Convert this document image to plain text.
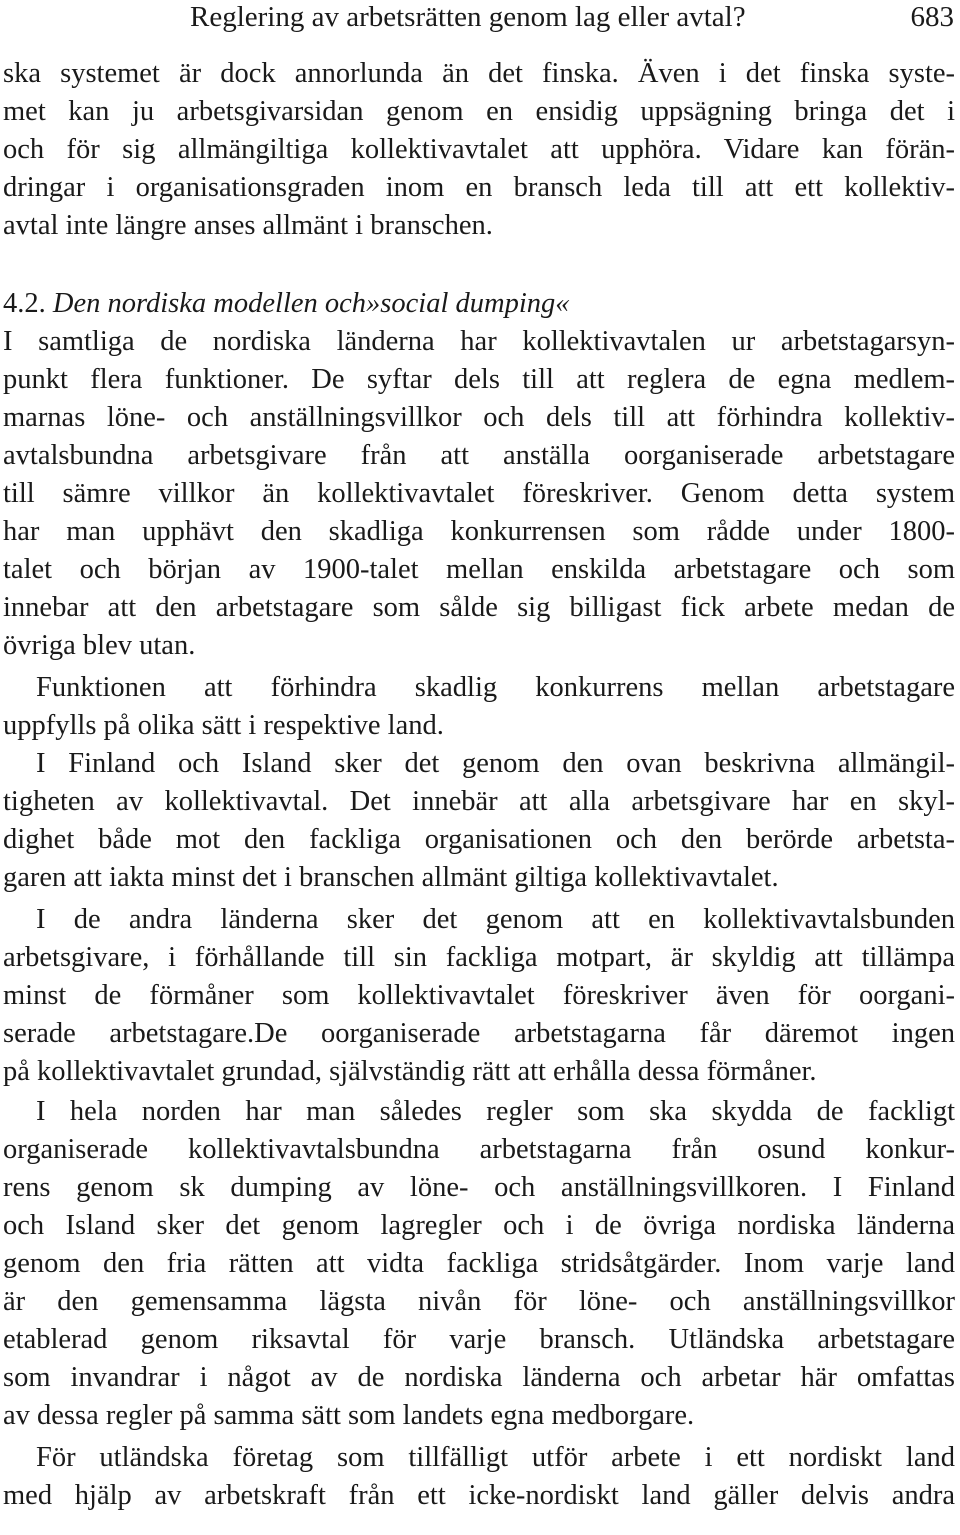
Reglering av arbetsrätten genom lag eller avtal?	683
ska systemet är dock annorlunda än det finska. Även i det finska syste-
met kan ju arbetsgivarsidan genom en ensidig uppsägning bringa det i
och för sig allmängiltiga kollektivavtalet att upphöra. Vidare kan förän-
dringar i organisationsgraden inom en bransch leda till att ett kollektiv-
avtal inte längre anses allmänt i branschen.
4.2. Den nordiska modellen och»social dumping«
I samtliga de nordiska länderna har kollektivavtalen ur arbetstagarsyn-
punkt flera funktioner. De syftar dels till att reglera de egna medlem-
marnas löne- och anställningsvillkor och dels till att förhindra kollektiv-
avtalsbundna arbetsgivare från att anställa oorganiserade arbetstagare
till sämre villkor än kollektivavtalet föreskriver. Genom detta system
har man upphävt den skadliga konkurrensen som rådde under 1800-
talet och början av 1900-talet mellan enskilda arbetstagare och som
innebar att den arbetstagare som sålde sig billigast fick arbete medan de
övriga blev utan.
Funktionen att förhindra skadlig konkurrens mellan arbetstagare
uppfylls på olika sätt i respektive land.
I Finland och Island sker det genom den ovan beskrivna allmängil-
tigheten av kollektivavtal. Det innebär att alla arbetsgivare har en skyl-
dighet både mot den fackliga organisationen och den berörde arbetsta-
garen att iakta minst det i branschen allmänt giltiga kollektivavtalet.
I de andra länderna sker det genom att en kollektivavtalsbunden
arbetsgivare, i förhållande till sin fackliga motpart, är skyldig att tillämpa
minst de förmåner som kollektivavtalet föreskriver även för oorgani-
serade arbetstagare.De oorganiserade arbetstagarna får däremot ingen
på kollektivavtalet grundad, självständig rätt att erhålla dessa förmåner.
I hela norden har man således regler som ska skydda de fackligt
organiserade kollektivavtalsbundna arbetstagarna från osund konkur-
rens genom sk dumping av löne- och anställningsvillkoren. I Finland
och Island sker det genom lagregler och i de övriga nordiska länderna
genom den fria rätten att vidta fackliga stridsåtgärder. Inom varje land
är den gemensamma lägsta nivån för löne- och anställningsvillkor
etablerad genom riksavtal för varje bransch. Utländska arbetstagare
som invandrar i något av de nordiska länderna och arbetar här omfattas
av dessa regler på samma sätt som landets egna medborgare.
För utländska företag som tillfälligt utför arbete i ett nordiskt land
med hjälp av arbetskraft från ett icke-nordiskt land gäller delvis andra
